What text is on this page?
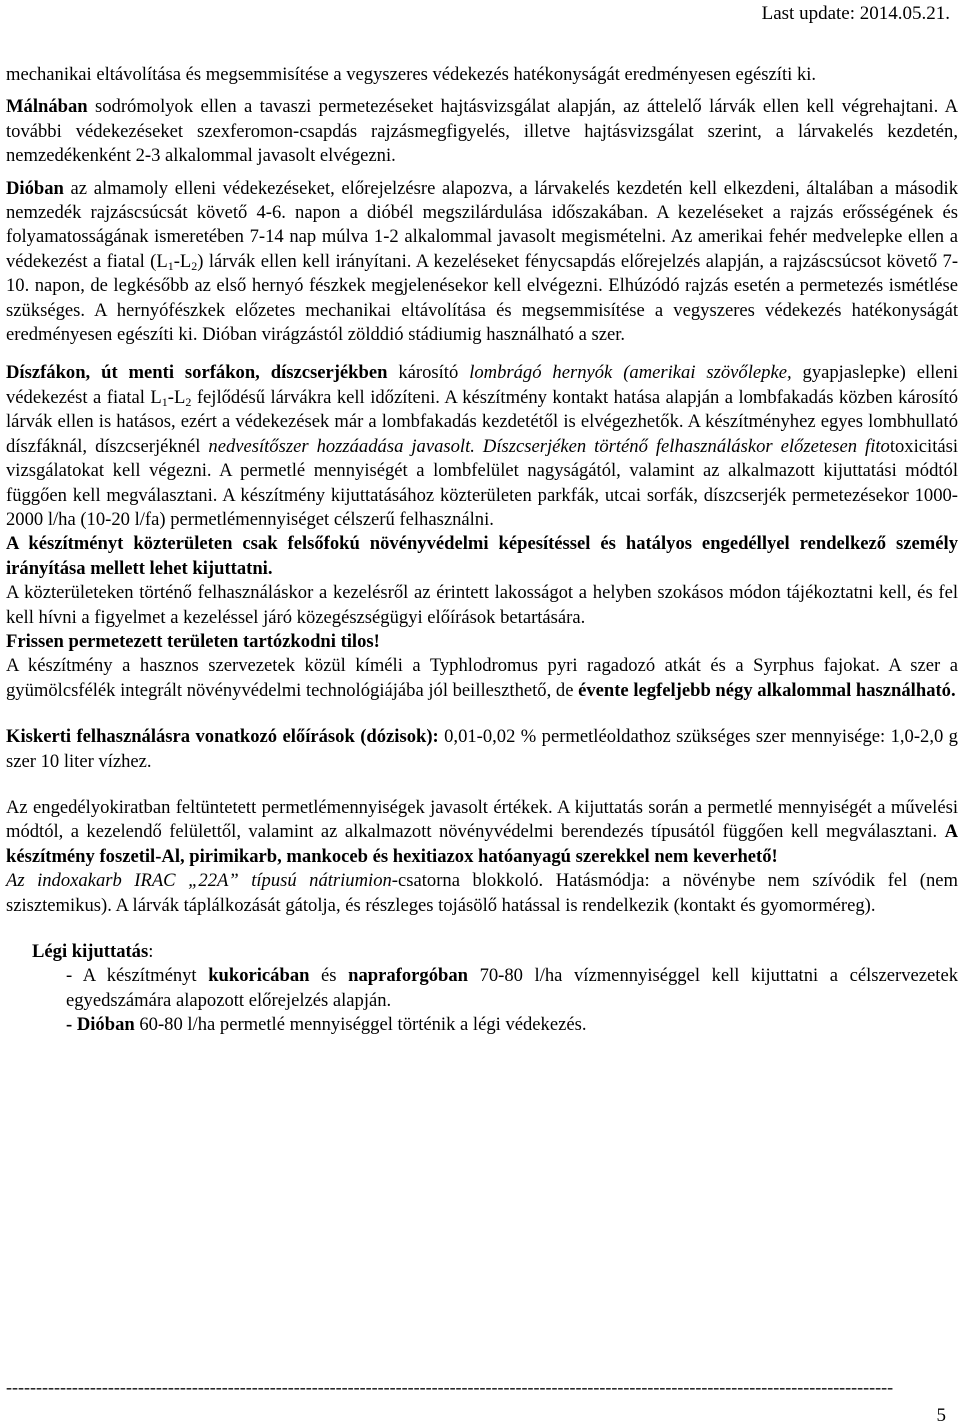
Last update: 2014.05.21.

mechanikai eltávolítása és megsemmisítése a vegyszeres védekezés hatékonyságát eredményesen egészíti ki.

Málnában sodrómolyok ellen a tavaszi permetezéseket hajtásvizsgálat alapján, az áttelelő lárvák ellen kell végrehajtani. A további védekezéseket szexferomon-csapdás rajzásmegfigyelés, illetve hajtásvizsgálat szerint, a lárvakelés kezdetén, nemzedékenként 2-3 alkalommal javasolt elvégezni.

Dióban az almamoly elleni védekezéseket, előrejelzésre alapozva, a lárvakelés kezdetén kell elkezdeni, általában a második nemzedék rajzáscsúcsát követő 4-6. napon a dióbél megszilárdulása időszakában. A kezeléseket a rajzás erősségének és folyamatosságának ismeretében 7-14 nap múlva 1-2 alkalommal javasolt megismételni. Az amerikai fehér medvelepke ellen a védekezést a fiatal $(L_1-L_2)$ lárvák ellen kell irányítani. A kezeléseket fénycsapdás előrejelzés alapján, a rajzáscsúcsot követő 7-10. napon, de legkésőbb az első hernyó fészkek megjelenésekor kell elvégezni. Elhúzódó rajzás esetén a permetezés ismétlése szükséges. A hernyófészkek előzetes mechanikai eltávolítása és megsemmisítése a vegyszeres védekezés hatékonyságát eredményesen egészíti ki. Dióban virágzástól zölddió stádiumig használható a szer.

Díszfákon, út menti sorfákon, díszcserjékben károsító lombrágó hernyók (amerikai szövőlepke, gyapjaslepke) elleni védekezést a fiatal $L_1-L_2$ fejlődésű lárvákra kell időzíteni. A készítmény kontakt hatása alapján a lombfakadás közben károsító lárvák ellen is hatásos, ezért a védekezések már a lombfakadás kezdetétől is elvégezhetők. A készítményhez egyes lombhullató díszfáknál, díszcserjéknél nedvesítőszer hozzáadása javasolt. Díszcserjéken történő felhasználáskor előzetesen fitotoxicitási vizsgálatokat kell végezni. A permetlé mennyiségét a lombfelület nagyságától, valamint az alkalmazott kijuttatási módtól függően kell megválasztani. A készítmény kijuttatásához közterületen parkfák, utcai sorfák, díszcserjék permetezésekor 1000-2000 l/ha (10-20 l/fa) permetlémennyiséget célszerű felhasználni.

A készítményt közterületen csak felsőfokú növényvédelmi képesítéssel és hatályos engedéllyel rendelkező személy irányítása mellett lehet kijuttatni.

A közterületeken történő felhasználáskor a kezelésről az érintett lakosságot a helyben szokásos módon tájékoztatni kell, és fel kell hívni a figyelmet a kezeléssel járó közegészségügyi előírások betartására.
Frissen permetezett területen tartózkodni tilos!

A készítmény a hasznos szervezetek közül kíméli a Typhlodromus pyri ragadozó atkát és a Syrphus fajokat. A szer a gyümölcsfélék integrált növényvédelmi technológiájába jól beilleszthető, de évente legfeljebb négy alkalommal használható.

Kiskerti felhasználásra vonatkozó előírások (dózisok): 0,01-0,02 % permetléoldathoz szükséges szer mennyisége: 1,0-2,0 g szer 10 liter vízhez.

Az engedélyokiratban feltüntetett permetlémennyiségek javasolt értékek. A kijuttatás során a permetlé mennyiségét a művelési módtól, a kezelendő felülettől, valamint az alkalmazott növényvédelmi berendezés típusától függően kell megválasztani. A készítmény foszetil-Al, pirimikarb, mankoceb és hexitiazox hatóanyagú szerekkel nem keverhető!

Az indoxakarb IRAC „22A” típusú nátriumion-csatorna blokkoló. Hatásmódja: a növénybe nem szívódik fel (nem szisztemikus). A lárvák táplálkozását gátolja, és részleges tojásölő hatással is rendelkezik (kontakt és gyomorméreg).

Légi kijuttatás:

- A készítményt kukoricában és napraforgóban 70-80 l/ha vízmennyiséggel kell kijuttatni a célszervezetek egyedszámára alapozott előrejelzés alapján.

- Dióban 60-80 l/ha permetlé mennyiséggel történik a légi védekezés.

----------------------------------------------------------------------------------------------------------------------------------------------------
5
